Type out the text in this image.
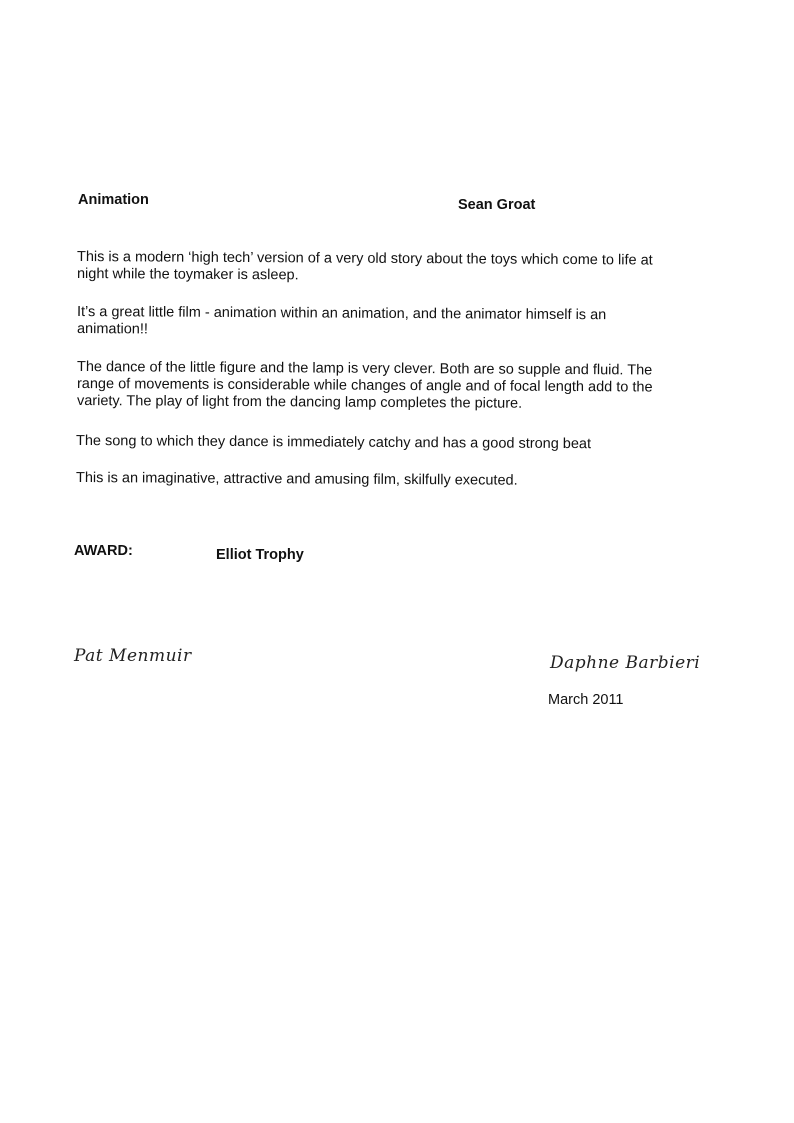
Animation	Sean Groat
This is a modern ‘high tech’ version of a very old story about the toys which come to life at
night while the toymaker is asleep.
It’s a great little film - animation within an animation, and the animator himself is an
animation!!
The dance of the little figure and the lamp is very clever. Both are so supple and fluid. The
range of movements is considerable while changes of angle and of focal length add to the
variety. The play of light from the dancing lamp completes the picture.
The song to which they dance is immediately catchy and has a good strong beat
This is an imaginative, attractive and amusing film, skilfully executed.
AWARD:	Elliot Trophy
Pat Menmuir	Daphne Barbieri
March 2011
